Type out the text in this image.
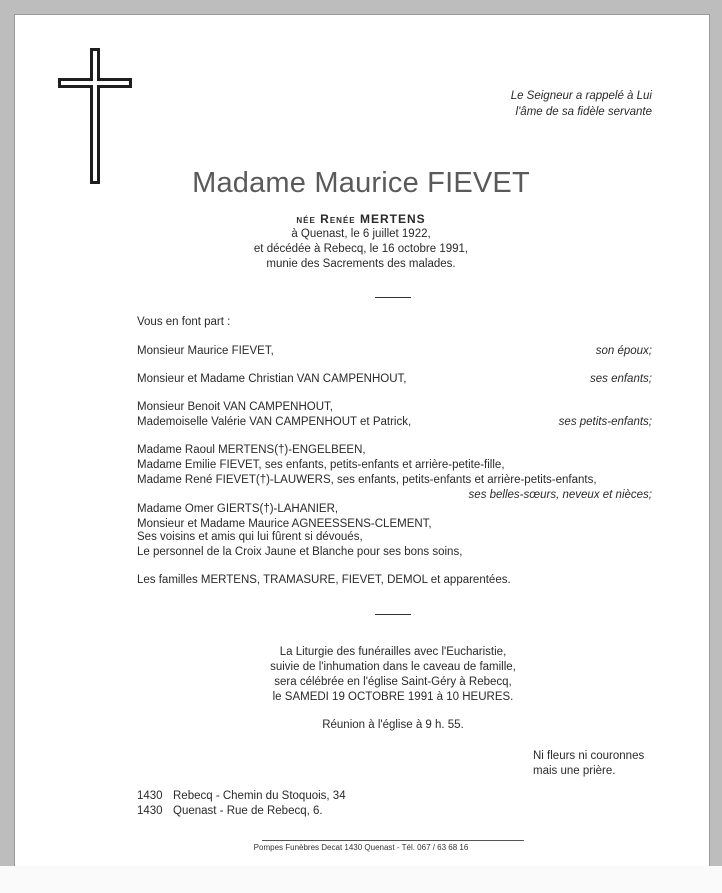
Le Seigneur a rappelé à Lui
l'âme de sa fidèle servante
Madame Maurice FIEVET
née Renée MERTENS
à Quenast, le 6 juillet 1922,
et décédée à Rebecq, le 16 octobre 1991,
munie des Sacrements des malades.
Vous en font part :
Monsieur Maurice FIEVET,	son époux;
Monsieur et Madame Christian VAN CAMPENHOUT,	ses enfants;
Monsieur Benoit VAN CAMPENHOUT,
Mademoiselle Valérie VAN CAMPENHOUT et Patrick,	ses petits-enfants;
Madame Raoul MERTENS(†)-ENGELBEEN,
Madame Emilie FIEVET, ses enfants, petits-enfants et arrière-petite-fille,
Madame René FIEVET(†)-LAUWERS, ses enfants, petits-enfants et arrière-petits-enfants,
ses belles-sœurs, neveux et nièces;
Madame Omer GIERTS(†)-LAHANIER,
Monsieur et Madame Maurice AGNEESSENS-CLEMENT,
Ses voisins et amis qui lui fûrent si dévoués,
Le personnel de la Croix Jaune et Blanche pour ses bons soins,
Les familles MERTENS, TRAMASURE, FIEVET, DEMOL et apparentées.
La Liturgie des funérailles avec l'Eucharistie,
suivie de l'inhumation dans le caveau de famille,
sera célébrée en l'église Saint-Géry à Rebecq,
le SAMEDI 19 OCTOBRE 1991 à 10 HEURES.
Réunion à l'église à 9 h. 55.
Ni fleurs ni couronnes
mais une prière.
1430 Rebecq - Chemin du Stoquois, 34
1430 Quenast - Rue de Rebecq, 6.
Pompes Funèbres Decat 1430 Quenast - Tél. 067 / 63 68 16
